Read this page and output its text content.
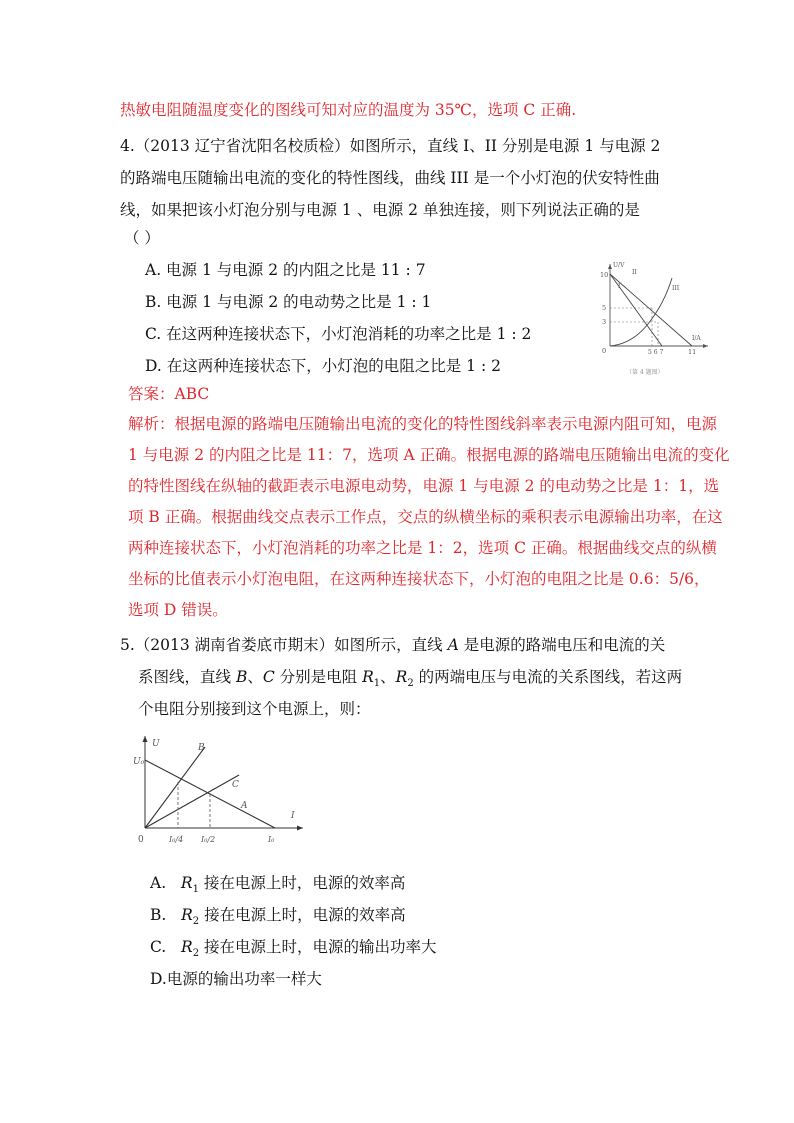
热敏电阻随温度变化的图线可知对应的温度为 35℃，选项 C 正确.
4.（2013 辽宁省沈阳名校质检）如图所示，直线 I、II 分别是电源 1 与电源 2
的路端电压随输出电流的变化的特性图线，曲线 III 是一个小灯泡的伏安特性曲
线，如果把该小灯泡分别与电源 1 、电源 2 单独连接，则下列说法正确的是
（ ）
A. 电源 1 与电源 2 的内阻之比是 11 : 7
B. 电源 1 与电源 2 的电动势之比是 1 : 1
C. 在这两种连接状态下，小灯泡消耗的功率之比是 1 : 2
D. 在这两种连接状态下，小灯泡的电阻之比是 1 : 2
U/V
I/A
10
5
3
0	5 6 7	11
I
II
III
（第 4 题图）
答案：ABC
解析：根据电源的路端电压随输出电流的变化的特性图线斜率表示电源内阻可知，电源
1 与电源 2 的内阻之比是 11：7，选项 A 正确。根据电源的路端电压随输出电流的变化
的特性图线在纵轴的截距表示电源电动势，电源 1 与电源 2 的电动势之比是 1：1，选
项 B 正确。根据曲线交点表示工作点，交点的纵横坐标的乘积表示电源输出功率，在这
两种连接状态下，小灯泡消耗的功率之比是 1：2，选项 C 正确。根据曲线交点的纵横
坐标的比值表示小灯泡电阻，在这两种连接状态下，小灯泡的电阻之比是 0.6：5/6，
选项 D 错误。
5.（2013 湖南省娄底市期末）如图所示，直线 A 是电源的路端电压和电流的关
系图线，直线 B、C 分别是电阻 $R_1$、$R_2$ 的两端电压与电流的关系图线，若这两
个电阻分别接到这个电源上，则：
U
I
U₀
0	I₀/4 I₀/2	I₀
A
B
C
A. $R_1$ 接在电源上时，电源的效率高
B. $R_2$ 接在电源上时，电源的效率高
C. $R_2$ 接在电源上时，电源的输出功率大
D.电源的输出功率一样大
